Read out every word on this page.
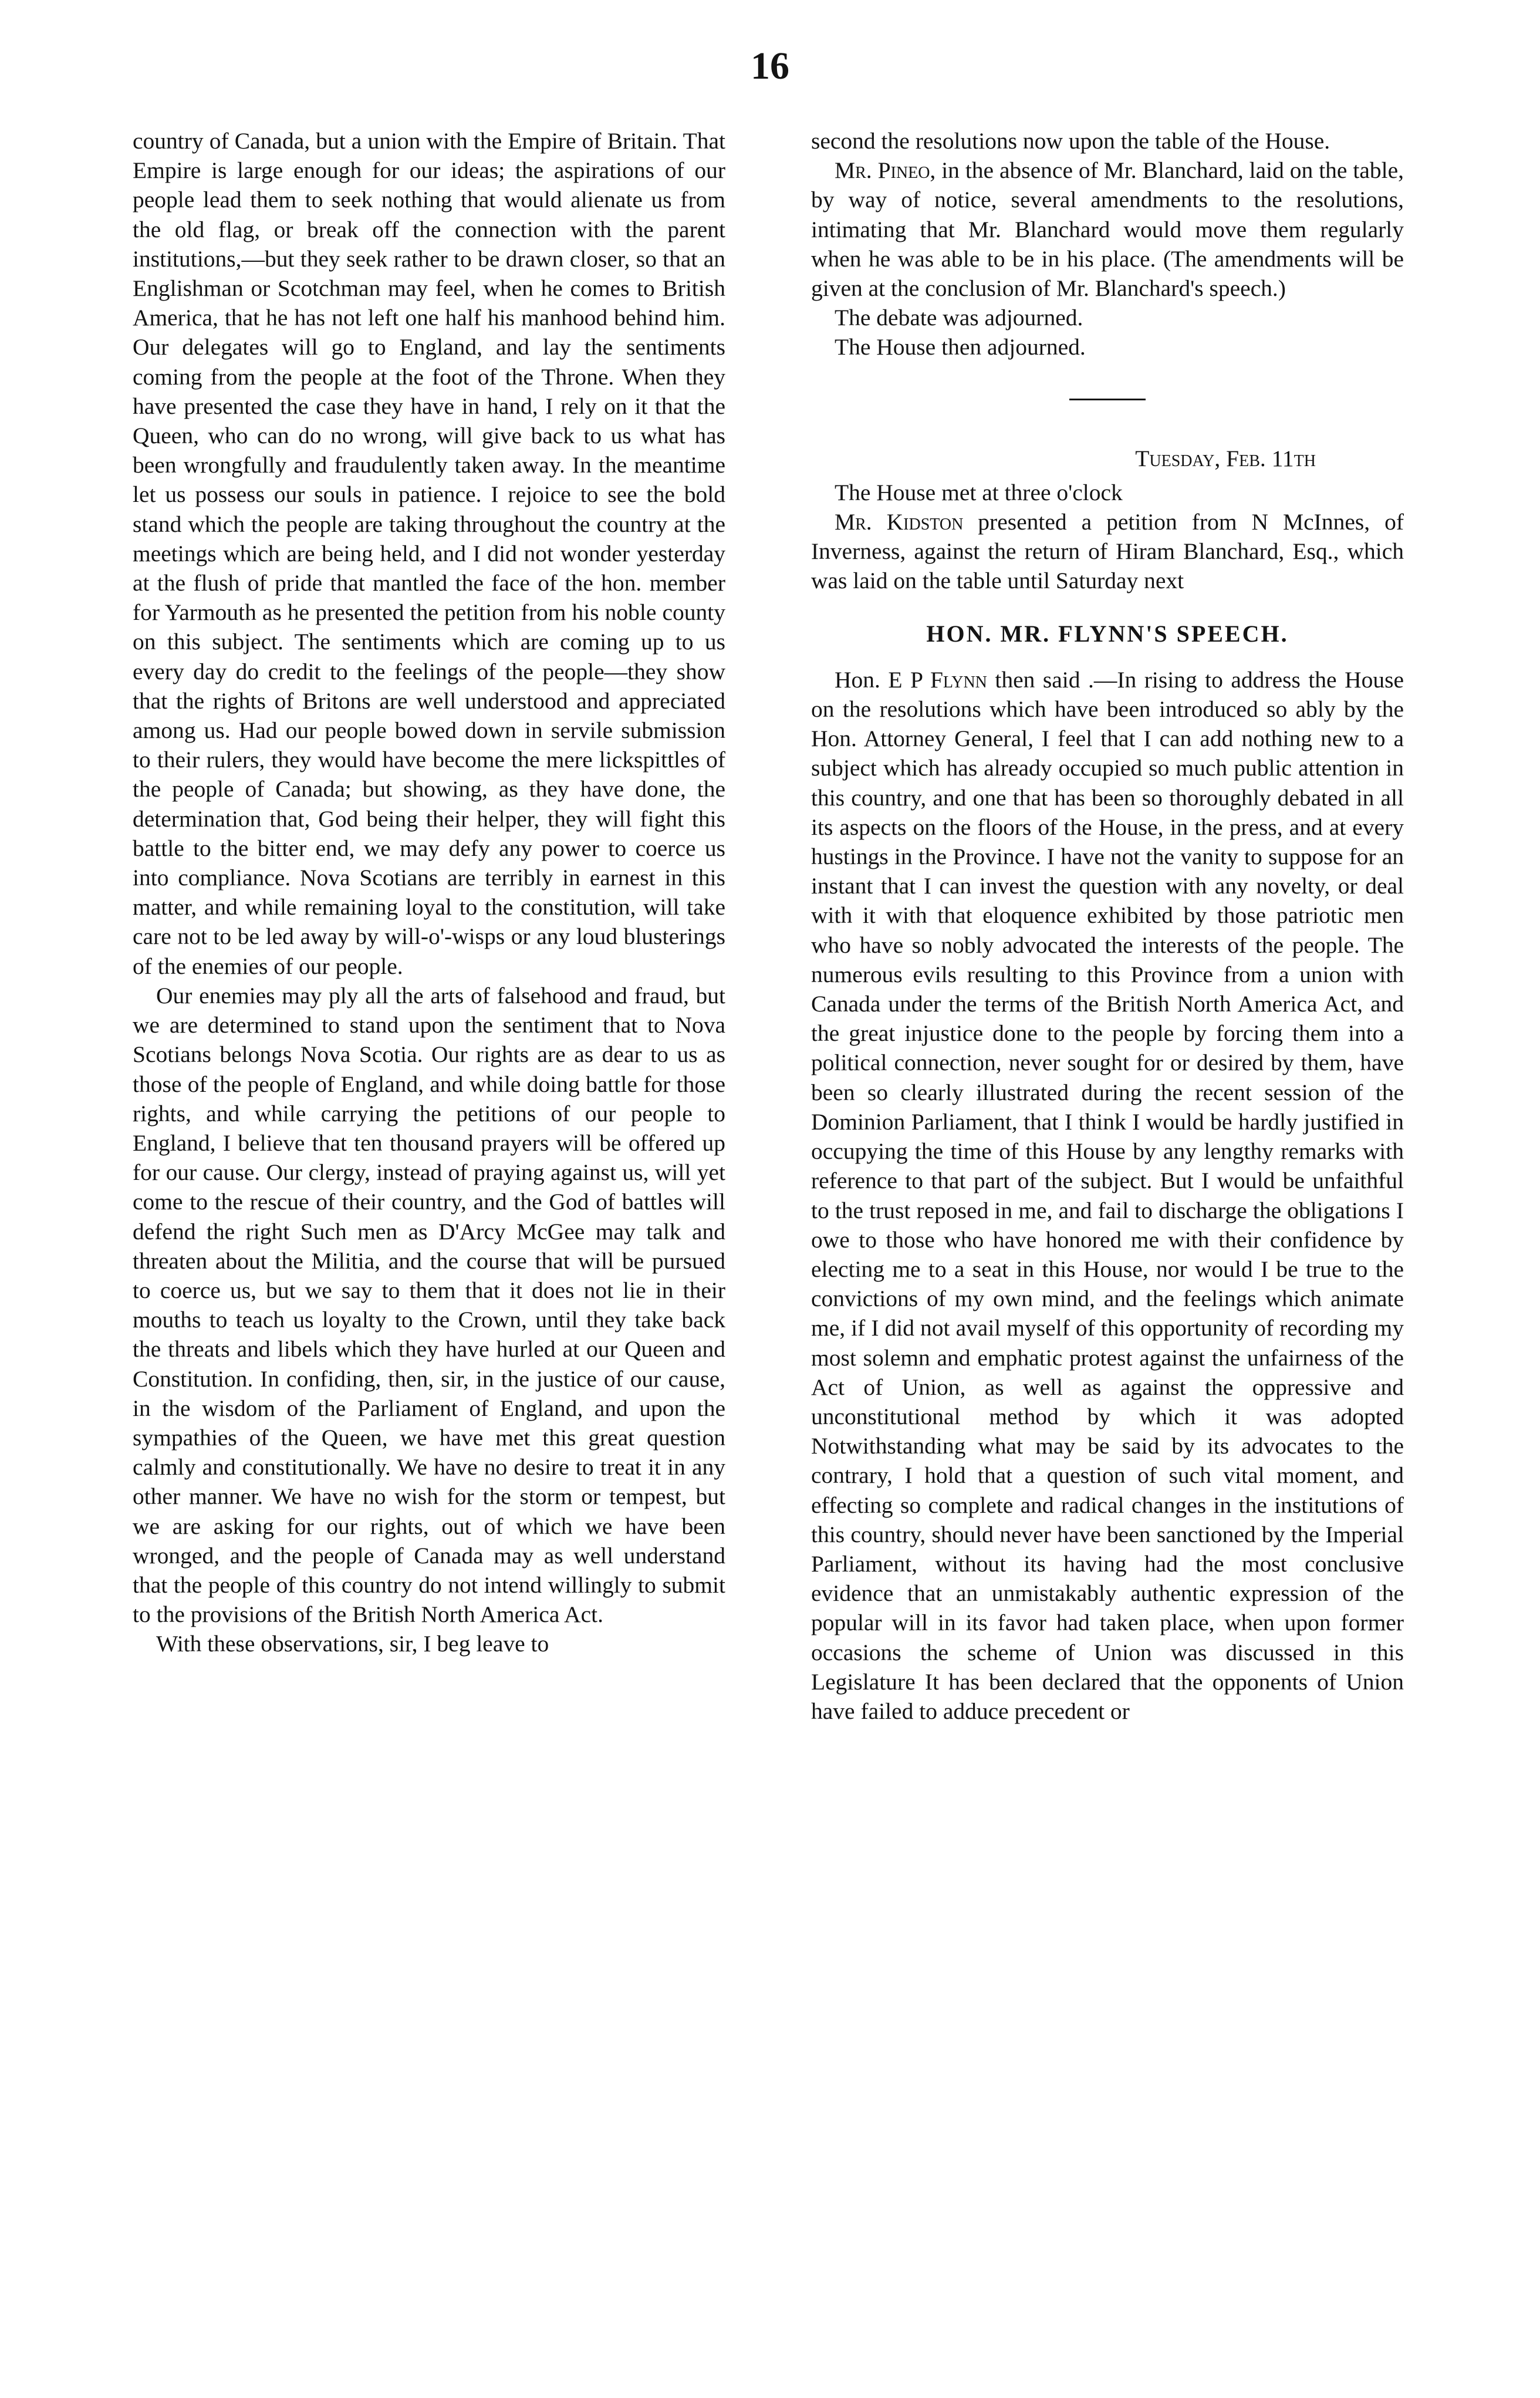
16

country of Canada, but a union with the Empire of Britain. That Empire is large enough for our ideas; the aspirations of our people lead them to seek nothing that would alienate us from the old flag, or break off the connection with the parent institutions,—but they seek rather to be drawn closer, so that an Englishman or Scotchman may feel, when he comes to British America, that he has not left one half his manhood behind him. Our delegates will go to England, and lay the sentiments coming from the people at the foot of the Throne. When they have presented the case they have in hand, I rely on it that the Queen, who can do no wrong, will give back to us what has been wrongfully and fraudulently taken away. In the meantime let us possess our souls in patience. I rejoice to see the bold stand which the people are taking throughout the country at the meetings which are being held, and I did not wonder yesterday at the flush of pride that mantled the face of the hon. member for Yarmouth as he presented the petition from his noble county on this subject. The sentiments which are coming up to us every day do credit to the feelings of the people—they show that the rights of Britons are well understood and appreciated among us. Had our people bowed down in servile submission to their rulers, they would have become the mere lickspittles of the people of Canada; but showing, as they have done, the determination that, God being their helper, they will fight this battle to the bitter end, we may defy any power to coerce us into compliance. Nova Scotians are terribly in earnest in this matter, and while remaining loyal to the constitution, will take care not to be led away by will-o'-wisps or any loud blusterings of the enemies of our people.

Our enemies may ply all the arts of falsehood and fraud, but we are determined to stand upon the sentiment that to Nova Scotians belongs Nova Scotia. Our rights are as dear to us as those of the people of England, and while doing battle for those rights, and while carrying the petitions of our people to England, I believe that ten thousand prayers will be offered up for our cause. Our clergy, instead of praying against us, will yet come to the rescue of their country, and the God of battles will defend the right Such men as D'Arcy McGee may talk and threaten about the Militia, and the course that will be pursued to coerce us, but we say to them that it does not lie in their mouths to teach us loyalty to the Crown, until they take back the threats and libels which they have hurled at our Queen and Constitution. In confiding, then, sir, in the justice of our cause, in the wisdom of the Parliament of England, and upon the sympathies of the Queen, we have met this great question calmly and constitutionally. We have no desire to treat it in any other manner. We have no wish for the storm or tempest, but we are asking for our rights, out of which we have been wronged, and the people of Canada may as well understand that the people of this country do not intend willingly to submit to the provisions of the British North America Act.

With these observations, sir, I beg leave to

second the resolutions now upon the table of the House.

Mr. Pineo, in the absence of Mr. Blanchard, laid on the table, by way of notice, several amendments to the resolutions, intimating that Mr. Blanchard would move them regularly when he was able to be in his place. (The amendments will be given at the conclusion of Mr. Blanchard's speech.)

The debate was adjourned.

The House then adjourned.

Tuesday, Feb. 11th

The House met at three o'clock

Mr. Kidston presented a petition from N McInnes, of Inverness, against the return of Hiram Blanchard, Esq., which was laid on the table until Saturday next

HON. MR. FLYNN'S SPEECH.

Hon. E P Flynn then said .—In rising to address the House on the resolutions which have been introduced so ably by the Hon. Attorney General, I feel that I can add nothing new to a subject which has already occupied so much public attention in this country, and one that has been so thoroughly debated in all its aspects on the floors of the House, in the press, and at every hustings in the Province. I have not the vanity to suppose for an instant that I can invest the question with any novelty, or deal with it with that eloquence exhibited by those patriotic men who have so nobly advocated the interests of the people. The numerous evils resulting to this Province from a union with Canada under the terms of the British North America Act, and the great injustice done to the people by forcing them into a political connection, never sought for or desired by them, have been so clearly illustrated during the recent session of the Dominion Parliament, that I think I would be hardly justified in occupying the time of this House by any lengthy remarks with reference to that part of the subject. But I would be unfaithful to the trust reposed in me, and fail to discharge the obligations I owe to those who have honored me with their confidence by electing me to a seat in this House, nor would I be true to the convictions of my own mind, and the feelings which animate me, if I did not avail myself of this opportunity of recording my most solemn and emphatic protest against the unfairness of the Act of Union, as well as against the oppressive and unconstitutional method by which it was adopted Notwithstanding what may be said by its advocates to the contrary, I hold that a question of such vital moment, and effecting so complete and radical changes in the institutions of this country, should never have been sanctioned by the Imperial Parliament, without its having had the most conclusive evidence that an unmistakably authentic expression of the popular will in its favor had taken place, when upon former occasions the scheme of Union was discussed in this Legislature It has been declared that the opponents of Union have failed to adduce precedent or
